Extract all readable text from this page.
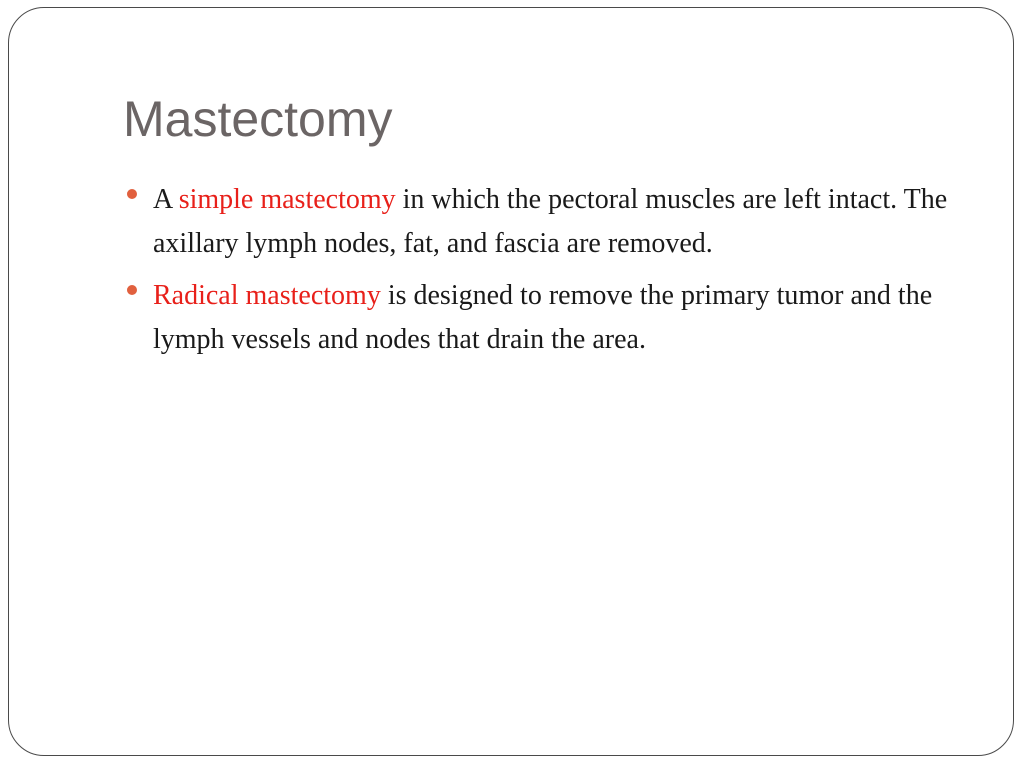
Mastectomy
A simple mastectomy in which the pectoral muscles are left intact. The axillary lymph nodes, fat, and fascia are removed.
Radical mastectomy is designed to remove the primary tumor and the lymph vessels and nodes that drain the area.
